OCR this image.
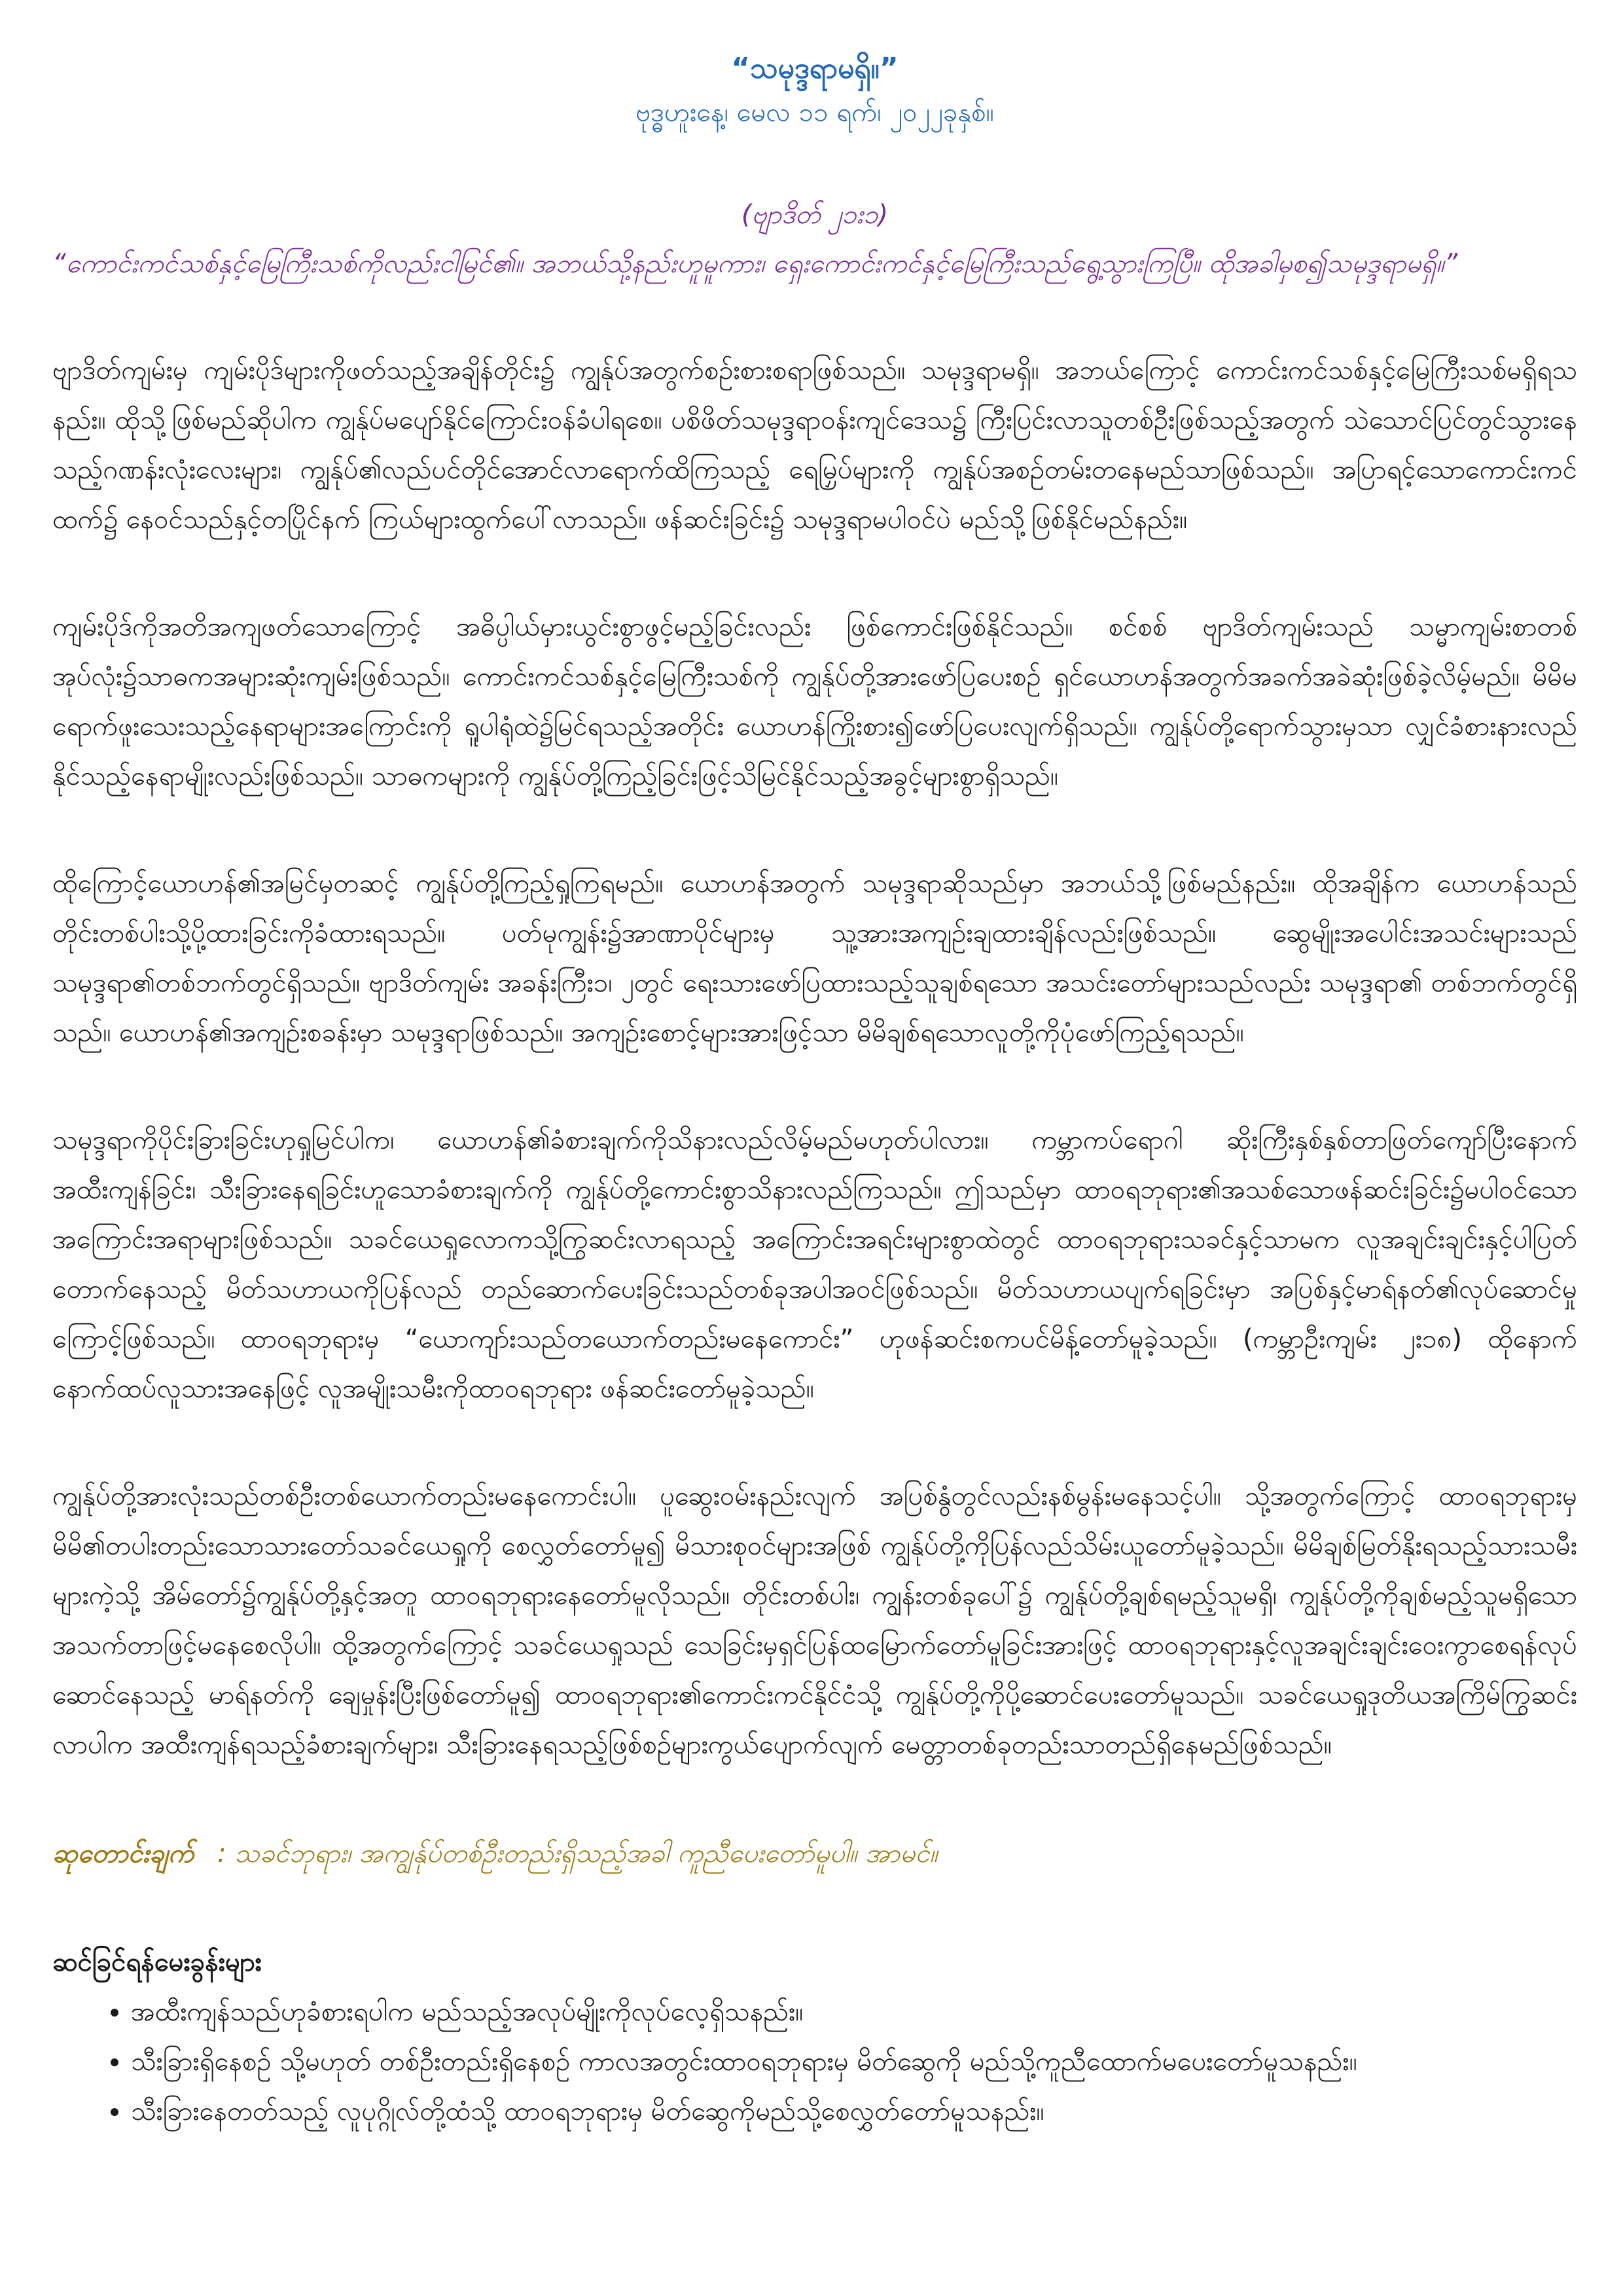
“သမုဒ္ဒရာမရှိ။”

ဗုဒ္ဓဟူးနေ့၊ မေလ ၁၁ ရက်၊ ၂၀၂၂ခုနှစ်။

(ဗျာဒိတ် ၂၁း၁)

“ကောင်းကင်သစ်နှင့်မြေကြီးသစ်ကိုလည်းငါမြင်၏။ အဘယ်သို့နည်းဟူမူကား၊ ရှေးကောင်းကင်နှင့်မြေကြီးသည်ရွေ့သွားကြပြီ။ ထိုအခါမှစ၍သမုဒ္ဒရာမရှိ။”

ဗျာဒိတ်ကျမ်းမှ ကျမ်းပိုဒ်များကိုဖတ်သည့်အချိန်တိုင်း၌ ကျွန်ုပ်အတွက်စဉ်းစားစရာဖြစ်သည်။ သမုဒ္ဒရာမရှိ။ အဘယ်ကြောင့် ကောင်းကင်သစ်နှင့်မြေကြီးသစ်မရှိရသနည်း။ ထိုသို့ဖြစ်မည်ဆိုပါက ကျွန်ုပ်မပျော်နိုင်ကြောင်းဝန်ခံပါရစေ။ ပစိဖိတ်သမုဒ္ဒရာဝန်းကျင်ဒေသ၌ ကြီးပြင်းလာသူတစ်ဦးဖြစ်သည့်အတွက် သဲသောင်ပြင်တွင်သွားနေသည့်ဂဏန်းလုံးလေးများ၊ ကျွန်ုပ်၏လည်ပင်တိုင်အောင်လာရောက်ထိကြသည့် ရေမြှပ်များကို ကျွန်ုပ်အစဉ်တမ်းတနေမည်သာဖြစ်သည်။ အပြာရင့်သောကောင်းကင်ထက်၌ နေဝင်သည်နှင့်တပြိုင်နက် ကြယ်များထွက်ပေါ်လာသည်။ ဖန်ဆင်းခြင်း၌ သမုဒ္ဒရာမပါဝင်ပဲ မည်သို့ဖြစ်နိုင်မည်နည်း။

ကျမ်းပိုဒ်ကိုအတိအကျဖတ်သောကြောင့် အဓိပ္ပါယ်မှားယွင်းစွာဖွင့်မည့်ခြင်းလည်း ဖြစ်ကောင်းဖြစ်နိုင်သည်။ စင်စစ် ဗျာဒိတ်ကျမ်းသည် သမ္မာကျမ်းစာတစ်အုပ်လုံး၌သာဓကအများဆုံးကျမ်းဖြစ်သည်။ ကောင်းကင်သစ်နှင့်မြေကြီးသစ်ကို ကျွန်ုပ်တို့အားဖော်ပြပေးစဉ် ရှင်ယောဟန်အတွက်အခက်အခဲဆုံးဖြစ်ခဲ့လိမ့်မည်။ မိမိမရောက်ဖူးသေးသည့်နေရာများအကြောင်းကို ရူပါရုံထဲ၌မြင်ရသည့်အတိုင်း ယောဟန်ကြိုးစား၍ဖော်ပြပေးလျက်ရှိသည်။ ကျွန်ုပ်တို့ရောက်သွားမှသာ လျှင်ခံစားနားလည်နိုင်သည့်နေရာမျိုးလည်းဖြစ်သည်။ သာဓကများကို ကျွန်ုပ်တို့ကြည့်ခြင်းဖြင့်သိမြင်နိုင်သည့်အခွင့်များစွာရှိသည်။

ထိုကြောင့်ယောဟန်၏အမြင်မှတဆင့် ကျွန်ုပ်တို့ကြည့်ရှုကြရမည်။ ယောဟန်အတွက် သမုဒ္ဒရာဆိုသည်မှာ အဘယ်သို့ဖြစ်မည်နည်း။ ထိုအချိန်က ယောဟန်သည် တိုင်းတစ်ပါးသို့ပို့ထားခြင်းကိုခံထားရသည်။ ပတ်မုကျွန်း၌အာဏာပိုင်များမှ သူ့အားအကျဉ်းချထားချိန်လည်းဖြစ်သည်။ ဆွေမျိုးအပေါင်းအသင်းများသည် သမုဒ္ဒရာ၏တစ်ဘက်တွင်ရှိသည်။ ဗျာဒိတ်ကျမ်း အခန်းကြီး၁၊ ၂တွင် ရေးသားဖော်ပြထားသည့်သူချစ်ရသော အသင်းတော်များသည်လည်း သမုဒ္ဒရာ၏ တစ်ဘက်တွင်ရှိသည်။ ယောဟန်၏အကျဉ်းစခန်းမှာ သမုဒ္ဒရာဖြစ်သည်။ အကျဉ်းစောင့်များအားဖြင့်သာ မိမိချစ်ရသောလူတို့ကိုပုံဖော်ကြည့်ရသည်။

သမုဒ္ဒရာကိုပိုင်းခြားခြင်းဟုရှုမြင်ပါက၊ ယောဟန်၏ခံစားချက်ကိုသိနားလည်လိမ့်မည်မဟုတ်ပါလား။ ကမ္ဘာကပ်ရောဂါ ဆိုးကြီးနှစ်နှစ်တာဖြတ်ကျော်ပြီးနောက် အထီးကျန်ခြင်း၊ သီးခြားနေရခြင်းဟူသောခံစားချက်ကို ကျွန်ုပ်တို့ကောင်းစွာသိနားလည်ကြသည်။ ဤသည်မှာ ထာဝရဘုရား၏အသစ်သောဖန်ဆင်းခြင်း၌မပါဝင်သော အကြောင်းအရာများဖြစ်သည်။ သခင်ယေရှုလောကသို့ကြွဆင်းလာရသည့် အကြောင်းအရင်းများစွာထဲတွင် ထာဝရဘုရားသခင်နှင့်သာမက လူအချင်းချင်းနှင့်ပါပြတ်တောက်နေသည့် မိတ်သဟာယကိုပြန်လည် တည်ဆောက်ပေးခြင်းသည်တစ်ခုအပါအဝင်ဖြစ်သည်။ မိတ်သဟာယပျက်ရခြင်းမှာ အပြစ်နှင့်မာရ်နတ်၏လုပ်ဆောင်မှုကြောင့်ဖြစ်သည်။ ထာဝရဘုရားမှ “ယောကျာ်းသည်တယောက်တည်းမနေကောင်း” ဟုဖန်ဆင်းစကပင်မိန့်တော်မူခဲ့သည်။ (ကမ္ဘာဦးကျမ်း ၂း၁၈) ထိုနောက် နောက်ထပ်လူသားအနေဖြင့် လူအမျိုးသမီးကိုထာဝရဘုရား ဖန်ဆင်းတော်မူခဲ့သည်။

ကျွန်ုပ်တို့အားလုံးသည်တစ်ဦးတစ်ယောက်တည်းမနေကောင်းပါ။ ပူဆွေးဝမ်းနည်းလျက် အပြစ်နွံတွင်လည်းနစ်မွန်းမနေသင့်ပါ။ သို့အတွက်ကြောင့် ထာဝရဘုရားမှ မိမိ၏တပါးတည်းသောသားတော်သခင်ယေရှုကို စေလွှတ်တော်မူ၍ မိသားစုဝင်များအဖြစ် ကျွန်ုပ်တို့ကိုပြန်လည်သိမ်းယူတော်မူခဲ့သည်။ မိမိချစ်မြတ်နိုးရသည့်သားသမီးများကဲ့သို့ အိမ်တော်၌ကျွန်ုပ်တို့နှင့်အတူ ထာဝရဘုရားနေတော်မူလိုသည်။ တိုင်းတစ်ပါး၊ ကျွန်းတစ်ခုပေါ်၌ ကျွန်ုပ်တို့ချစ်ရမည့်သူမရှိ၊ ကျွန်ုပ်တို့ကိုချစ်မည့်သူမရှိသော အသက်တာဖြင့်မနေစေလိုပါ။ ထို့အတွက်ကြောင့် သခင်ယေရှုသည် သေခြင်းမှရှင်ပြန်ထမြောက်တော်မူခြင်းအားဖြင့် ထာဝရဘုရားနှင့်လူအချင်းချင်းဝေးကွာစေရန်လုပ်ဆောင်နေသည့် မာရ်နတ်ကို ချေမှုန်းပြီးဖြစ်တော်မူ၍ ထာဝရဘုရား၏ကောင်းကင်နိုင်ငံသို့ ကျွန်ုပ်တို့ကိုပို့ဆောင်ပေးတော်မူသည်။ သခင်ယေရှုဒုတိယအကြိမ်ကြွဆင်းလာပါက အထီးကျန်ရသည့်ခံစားချက်များ၊ သီးခြားနေရသည့်ဖြစ်စဉ်များကွယ်ပျောက်လျက် မေတ္တာတစ်ခုတည်းသာတည်ရှိနေမည်ဖြစ်သည်။

ဆုတောင်းချက် : သခင်ဘုရား၊ အကျွန်ုပ်တစ်ဦးတည်းရှိသည့်အခါ ကူညီပေးတော်မူပါ။ အာမင်။

ဆင်ခြင်ရန်မေးခွန်းများ

• အထီးကျန်သည်ဟုခံစားရပါက မည်သည့်အလုပ်မျိုးကိုလုပ်လေ့ရှိသနည်း။
• သီးခြားရှိနေစဉ် သို့မဟုတ် တစ်ဦးတည်းရှိနေစဉ် ကာလအတွင်းထာဝရဘုရားမှ မိတ်ဆွေကို မည်သို့ကူညီထောက်မပေးတော်မူသနည်း။
• သီးခြားနေတတ်သည့် လူပုဂ္ဂိုလ်တို့ထံသို့ ထာဝရဘုရားမှ မိတ်ဆွေကိုမည်သို့စေလွှတ်တော်မူသနည်း။
